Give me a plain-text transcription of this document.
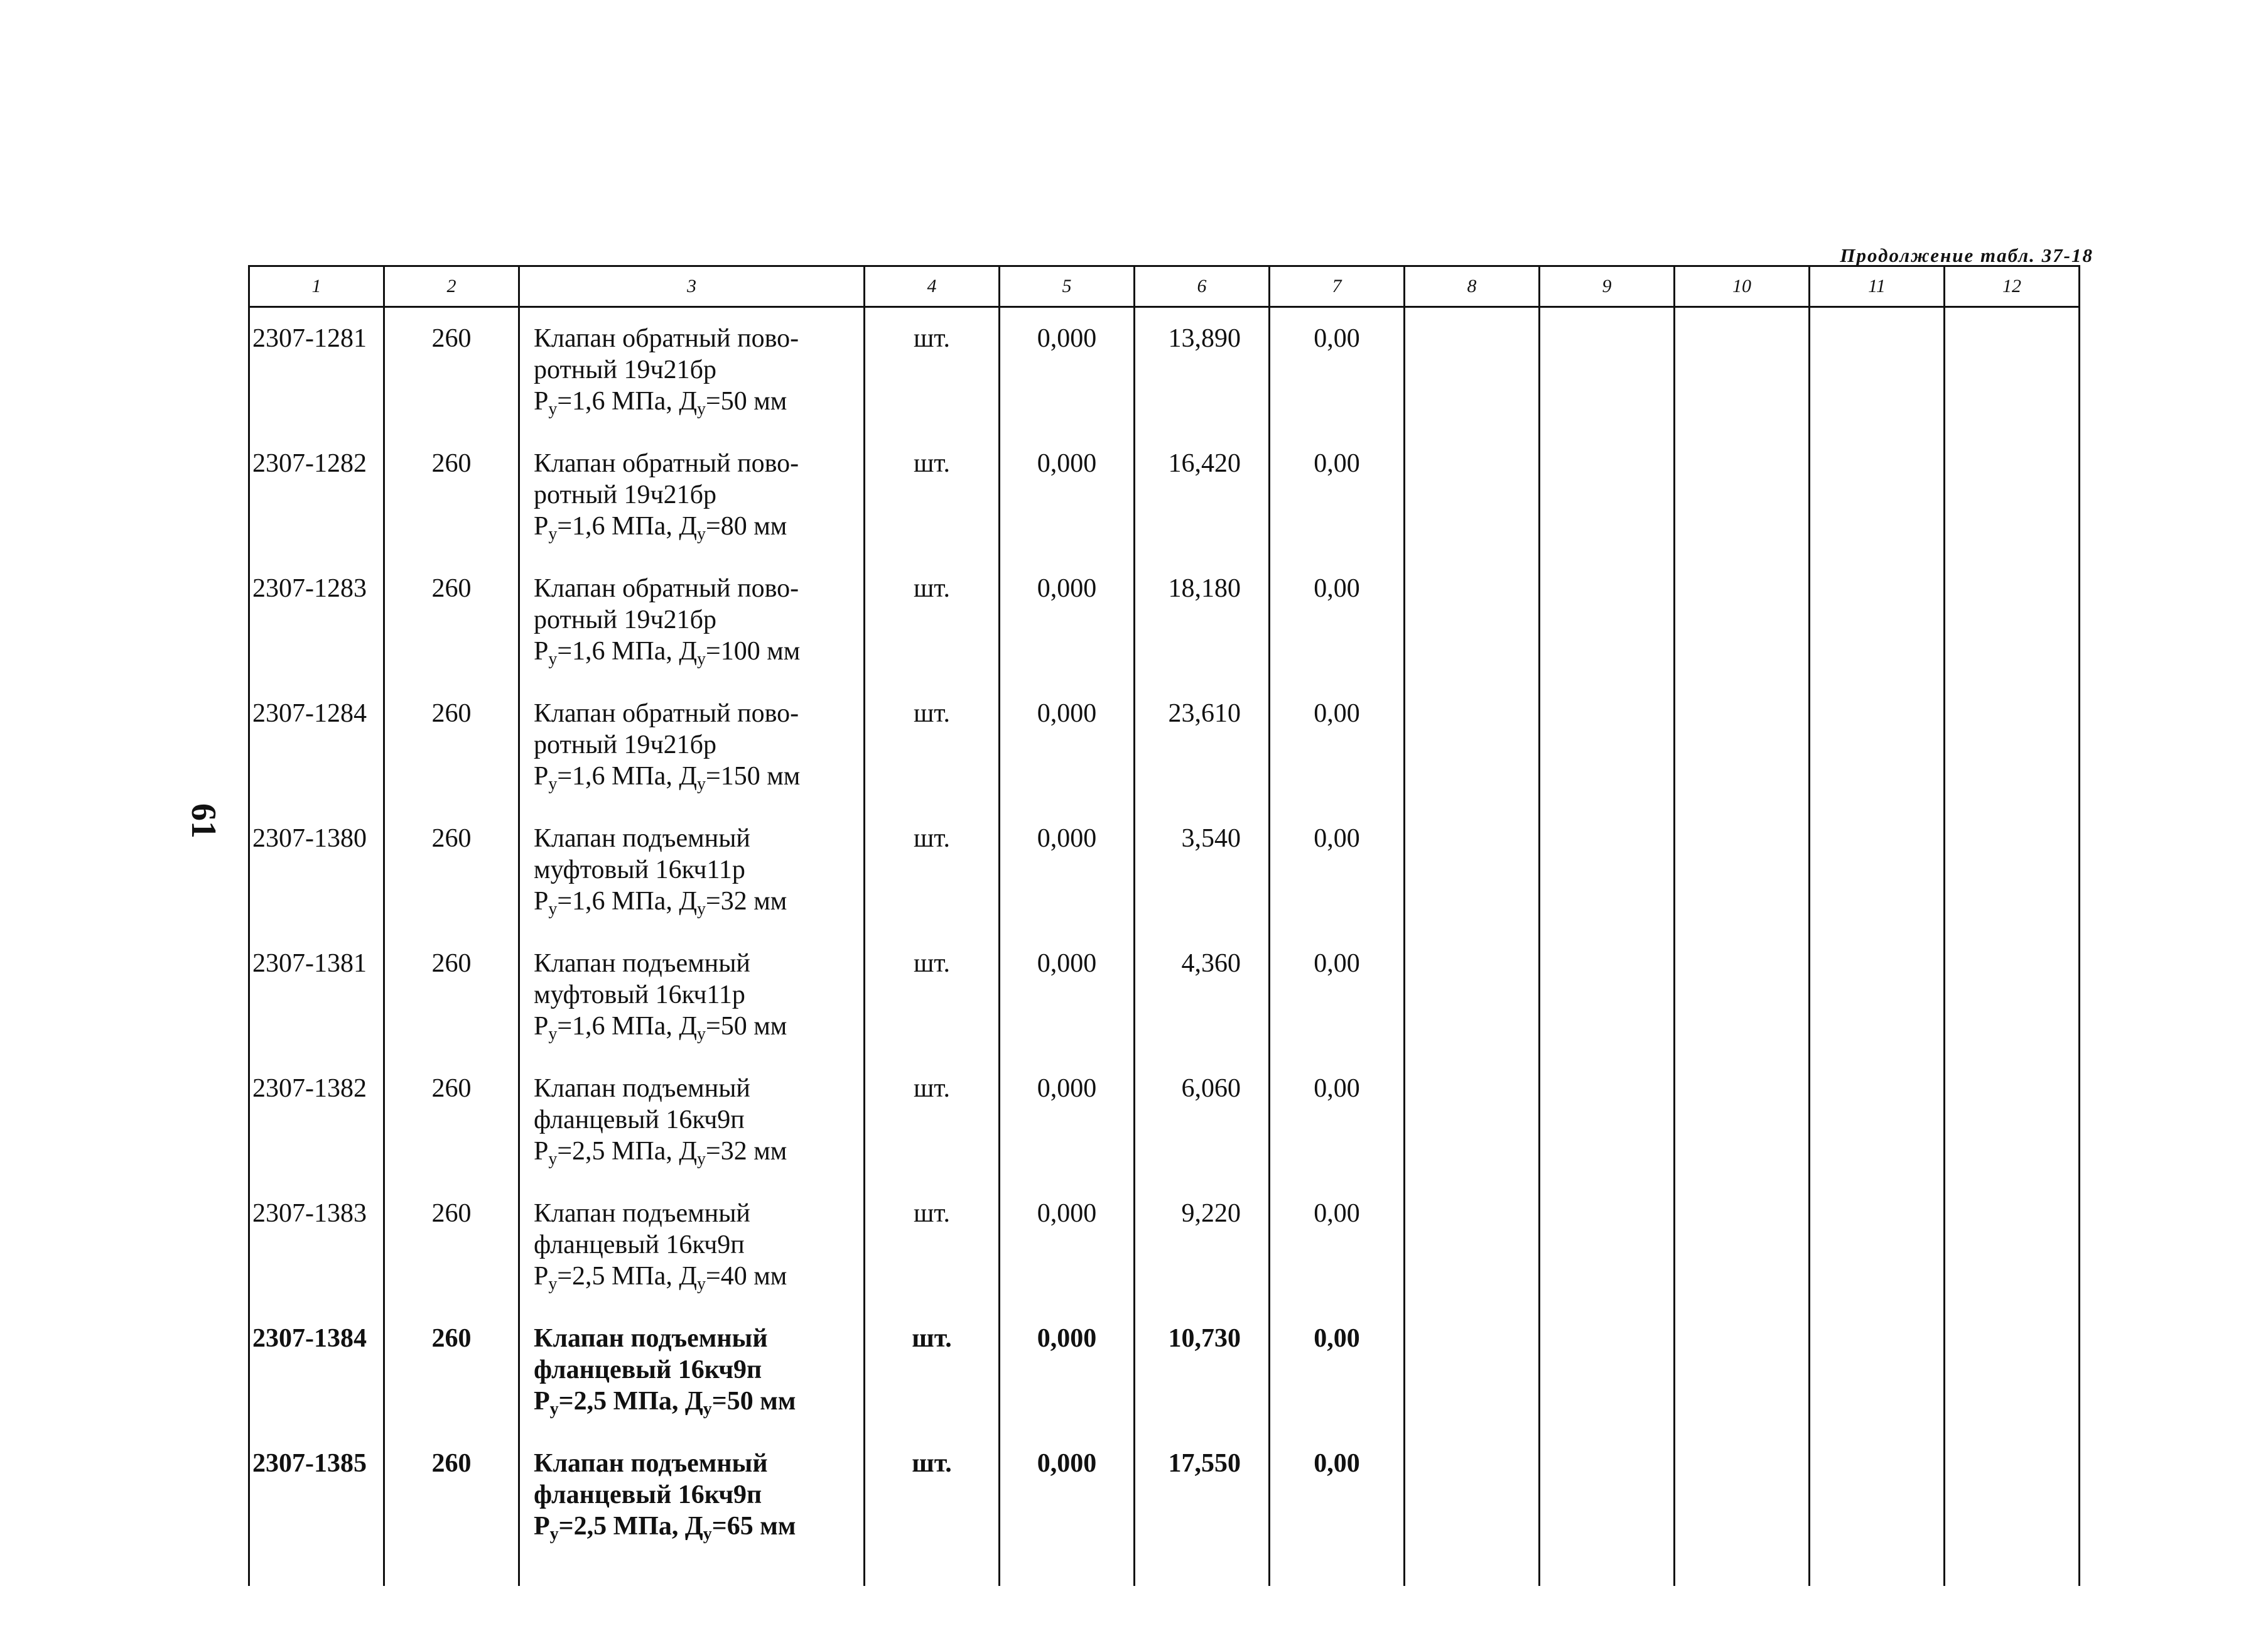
Продолжение табл. 37-18
61
1	2	3	4	5	6	7	8	9	10	11	12
2307-1281	260	Клапан обратный пово-
ротный 19ч21бр
$Р_у=1,6$ МПа, $Д_у=50$ мм	шт.	0,000	13,890	0,00					
2307-1282	260	Клапан обратный пово-
ротный 19ч21бр
$Р_у=1,6$ МПа, $Д_у=80$ мм	шт.	0,000	16,420	0,00					
2307-1283	260	Клапан обратный пово-
ротный 19ч21бр
$Р_у=1,6$ МПа, $Д_у=100$ мм	шт.	0,000	18,180	0,00					
2307-1284	260	Клапан обратный пово-
ротный 19ч21бр
$Р_у=1,6$ МПа, $Д_у=150$ мм	шт.	0,000	23,610	0,00					
2307-1380	260	Клапан подъемный
муфтовый 16кч11р
$Р_у=1,6$ МПа, $Д_у=32$ мм	шт.	0,000	3,540	0,00					
2307-1381	260	Клапан подъемный
муфтовый 16кч11р
$Р_у=1,6$ МПа, $Д_у=50$ мм	шт.	0,000	4,360	0,00					
2307-1382	260	Клапан подъемный
фланцевый 16кч9п
$Р_у=2,5$ МПа, $Д_у=32$ мм	шт.	0,000	6,060	0,00					
2307-1383	260	Клапан подъемный
фланцевый 16кч9п
$Р_у=2,5$ МПа, $Д_у=40$ мм	шт.	0,000	9,220	0,00					
2307-1384	260	Клапан подъемный
фланцевый 16кч9п
$Р_у=2,5$ МПа, $Д_у=50$ мм	шт.	0,000	10,730	0,00					
2307-1385	260	Клапан подъемный
фланцевый 16кч9п
$Р_у=2,5$ МПа, $Д_у=65$ мм	шт.	0,000	17,550	0,00					
